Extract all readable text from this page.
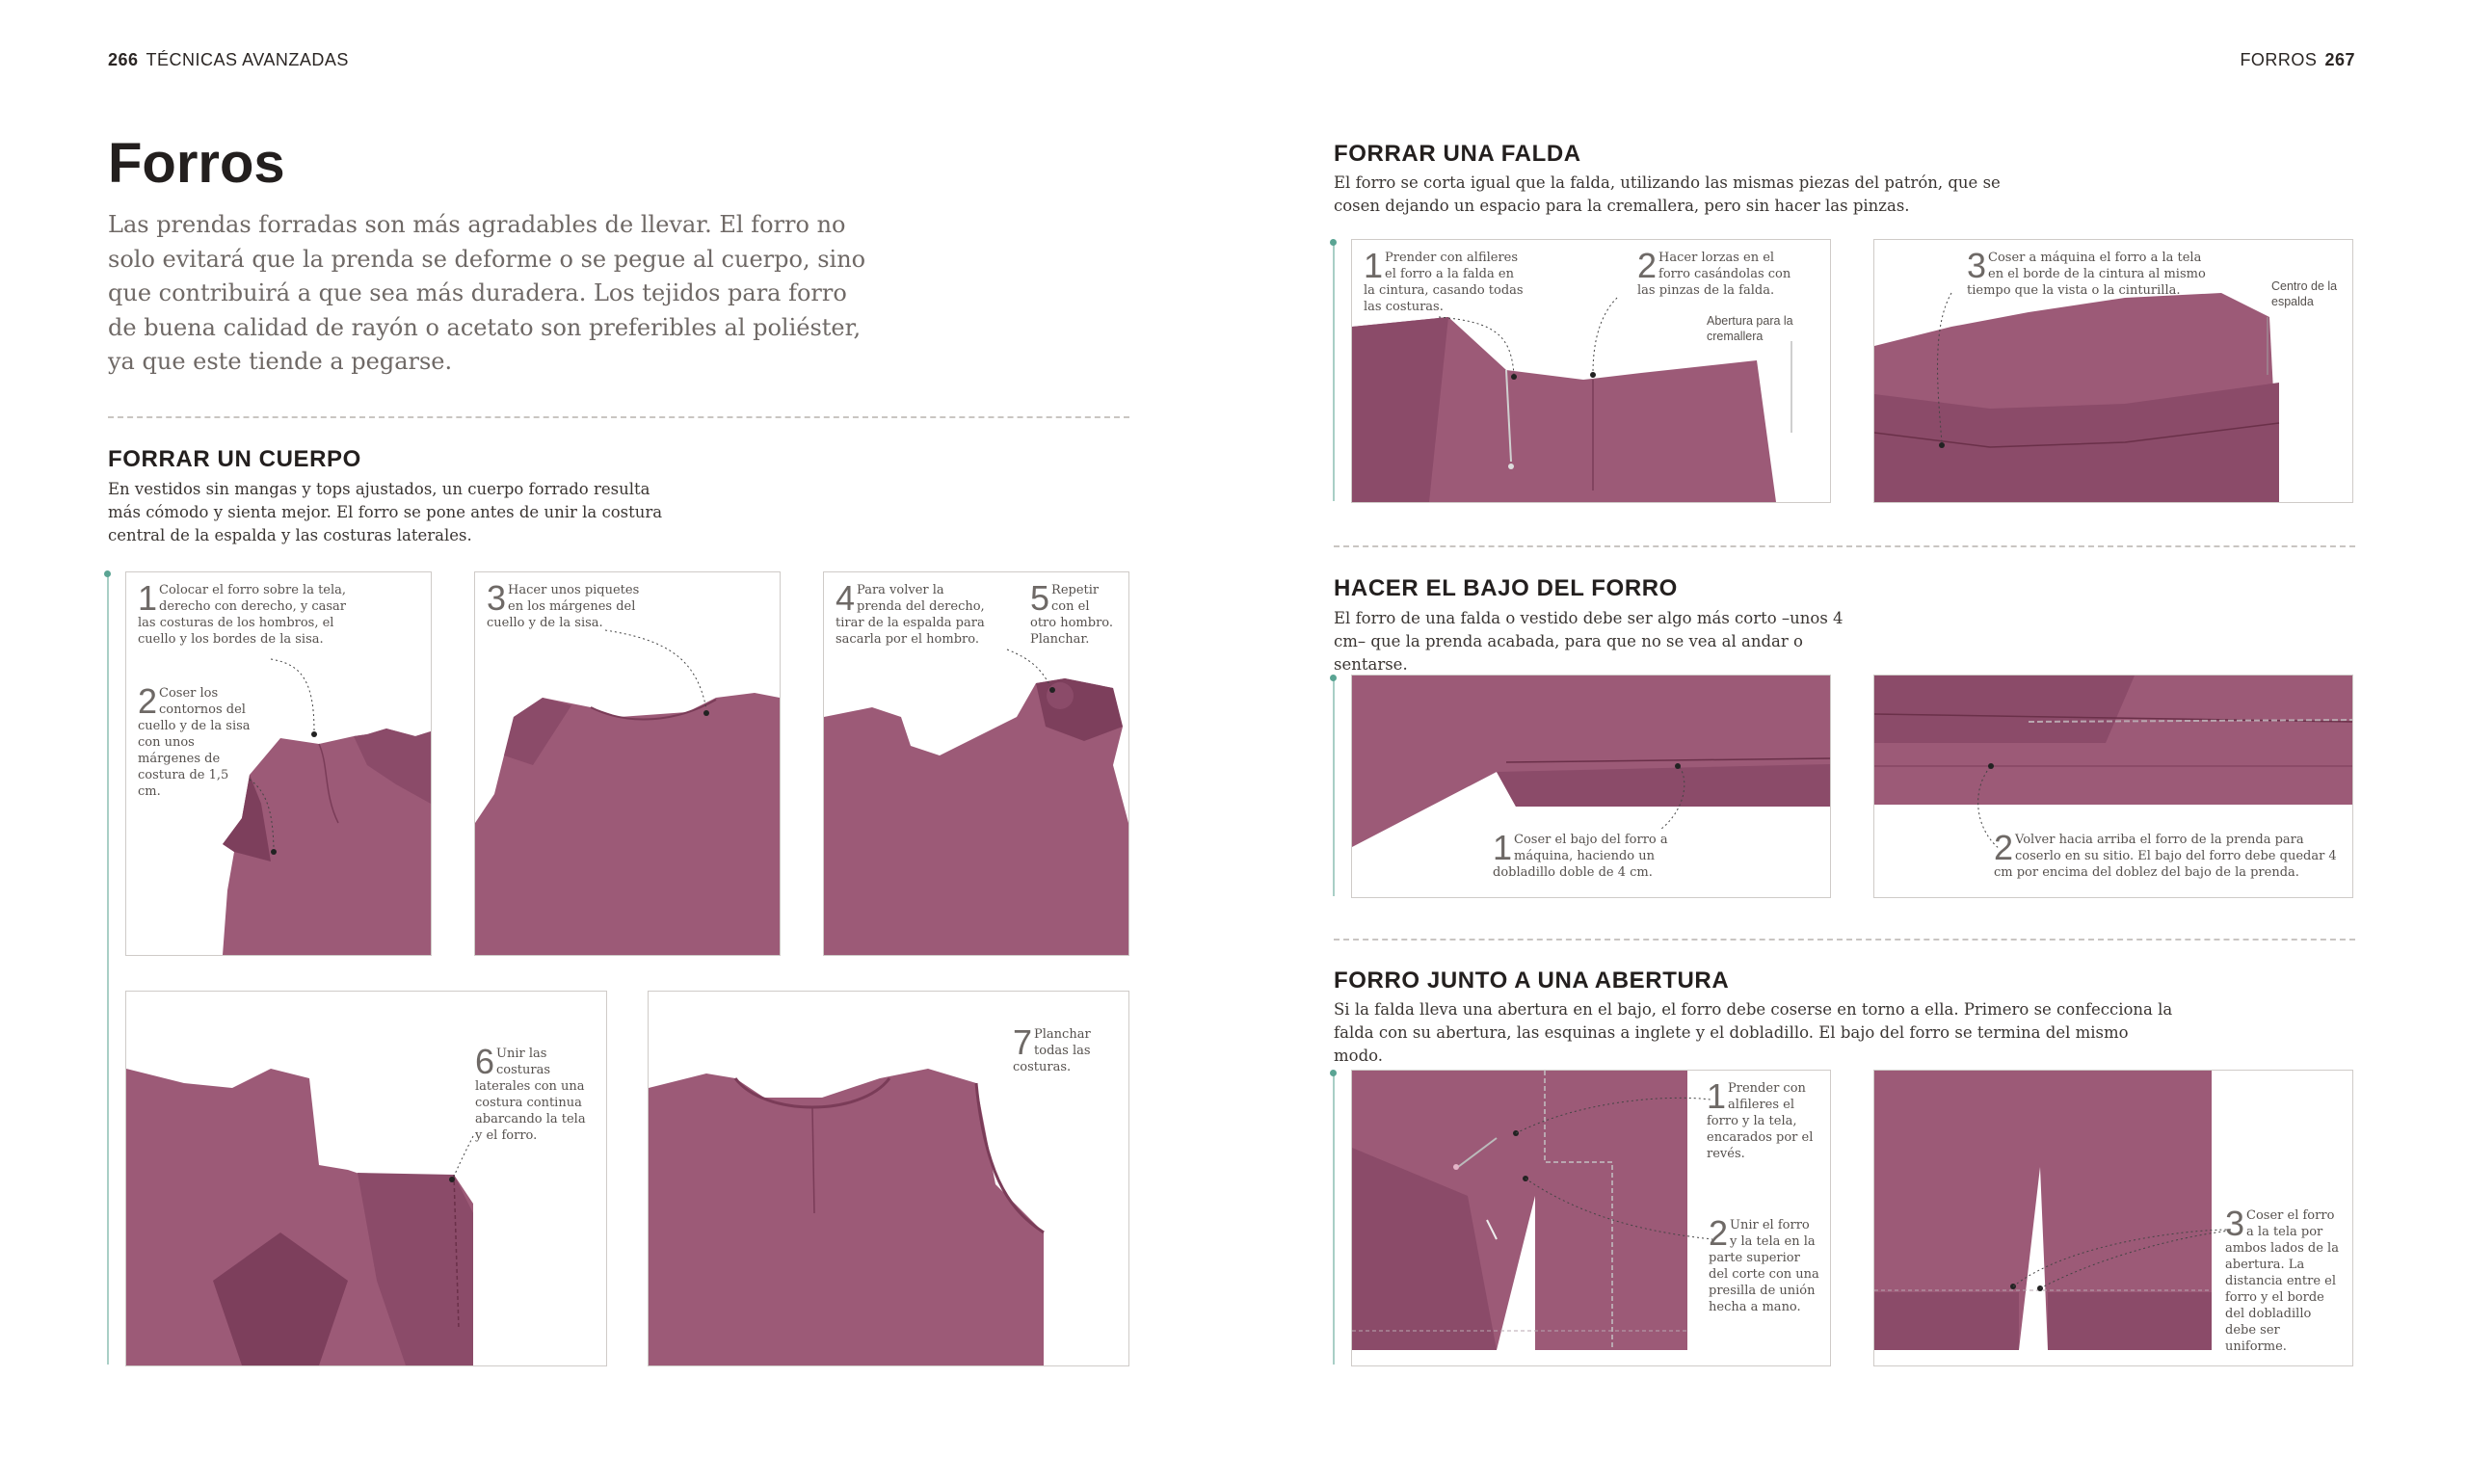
266 TÉCNICAS AVANZADAS	FORROS 267
Forros
Las prendas forradas son más agradables de llevar. El forro no solo evitará que la prenda se deforme o se pegue al cuerpo, sino que contribuirá a que sea más duradera. Los tejidos para forro de buena calidad de rayón o acetato son preferibles al poliéster, ya que este tiende a pegarse.
FORRAR UN CUERPO
En vestidos sin mangas y tops ajustados, un cuerpo forrado resulta más cómodo y sienta mejor. El forro se pone antes de unir la costura central de la espalda y las costuras laterales.
1 Colocar el forro sobre la tela, derecho con derecho, y casar las costuras de los hombros, el cuello y los bordes de la sisa.
2 Coser los contornos del cuello y de la sisa con unos márgenes de costura de 1,5 cm.
3 Hacer unos piquetes en los márgenes del cuello y de la sisa.
4 Para volver la prenda del derecho, tirar de la espalda para sacarla por el hombro.
5 Repetir con el otro hombro. Planchar.
6 Unir las costuras laterales con una costura continua abarcando la tela y el forro.
7 Planchar todas las costuras.
FORRAR UNA FALDA
El forro se corta igual que la falda, utilizando las mismas piezas del patrón, que se cosen dejando un espacio para la cremallera, pero sin hacer las pinzas.
1 Prender con alfileres el forro a la falda en la cintura, casando todas las costuras.
2 Hacer lorzas en el forro casándolas con las pinzas de la falda.
Abertura para la cremallera
3 Coser a máquina el forro a la tela en el borde de la cintura al mismo tiempo que la vista o la cinturilla.	Centro de la espalda
HACER EL BAJO DEL FORRO
El forro de una falda o vestido debe ser algo más corto –unos 4 cm– que la prenda acabada, para que no se vea al andar o sentarse.
1 Coser el bajo del forro a máquina, haciendo un dobladillo doble de 4 cm.
2 Volver hacia arriba el forro de la prenda para coserlo en su sitio. El bajo del forro debe quedar 4 cm por encima del doblez del bajo de la prenda.
FORRO JUNTO A UNA ABERTURA
Si la falda lleva una abertura en el bajo, el forro debe coserse en torno a ella. Primero se confecciona la falda con su abertura, las esquinas a inglete y el dobladillo. El bajo del forro se termina del mismo modo.
1 Prender con alfileres el forro y la tela, encarados por el revés.
2 Unir el forro y la tela en la parte superior del corte con una presilla de unión hecha a mano.
3 Coser el forro a la tela por ambos lados de la abertura. La distancia entre el forro y el borde del dobladillo debe ser uniforme.
